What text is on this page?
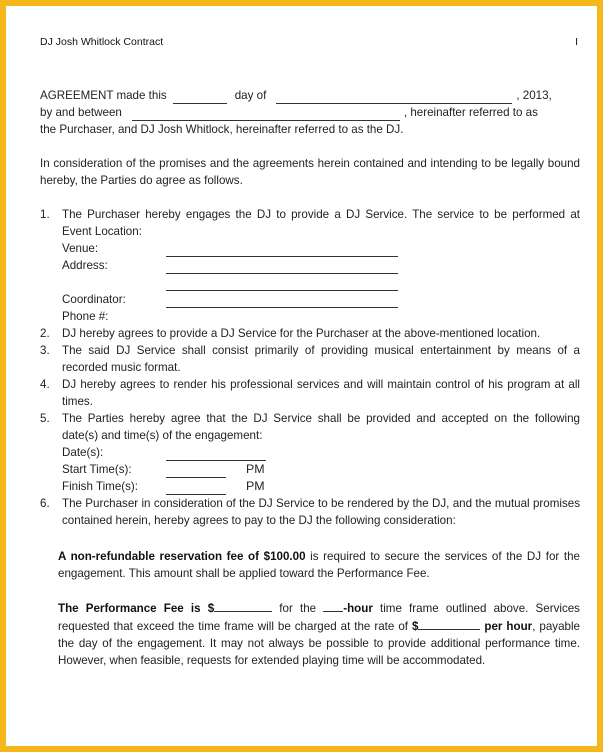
DJ Josh Whitlock Contract	I
AGREEMENT made this	day of	, 2013,
by and between	, hereinafter referred to as
the Purchaser, and DJ Josh Whitlock, hereinafter referred to as the DJ.

In consideration of the promises and the agreements herein contained and intending to be legally bound hereby, the Parties do agree as follows.

1.	The Purchaser hereby engages the DJ to provide a DJ Service. The service to be performed at Event Location:
Venue:
Address:
Coordinator:
Phone #:
2.	DJ hereby agrees to provide a DJ Service for the Purchaser at the above-mentioned location.
3.	The said DJ Service shall consist primarily of providing musical entertainment by means of a recorded music format.
4.	DJ hereby agrees to render his professional services and will maintain control of his program at all times.
5.	The Parties hereby agree that the DJ Service shall be provided and accepted on the following date(s) and time(s) of the engagement:
Date(s):
Start Time(s):	PM
Finish Time(s):	PM
6.	The Purchaser in consideration of the DJ Service to be rendered by the DJ, and the mutual promises contained herein, hereby agrees to pay to the DJ the following consideration:

A non-refundable reservation fee of $100.00 is required to secure the services of the DJ for the engagement. This amount shall be applied toward the Performance Fee.

The Performance Fee is $	for the -hour time frame outlined above. Services requested that exceed the time frame will be charged at the rate of $	per hour, payable the day of the engagement. It may not always be possible to provide additional performance time. However, when feasible, requests for extended playing time will be accommodated.
